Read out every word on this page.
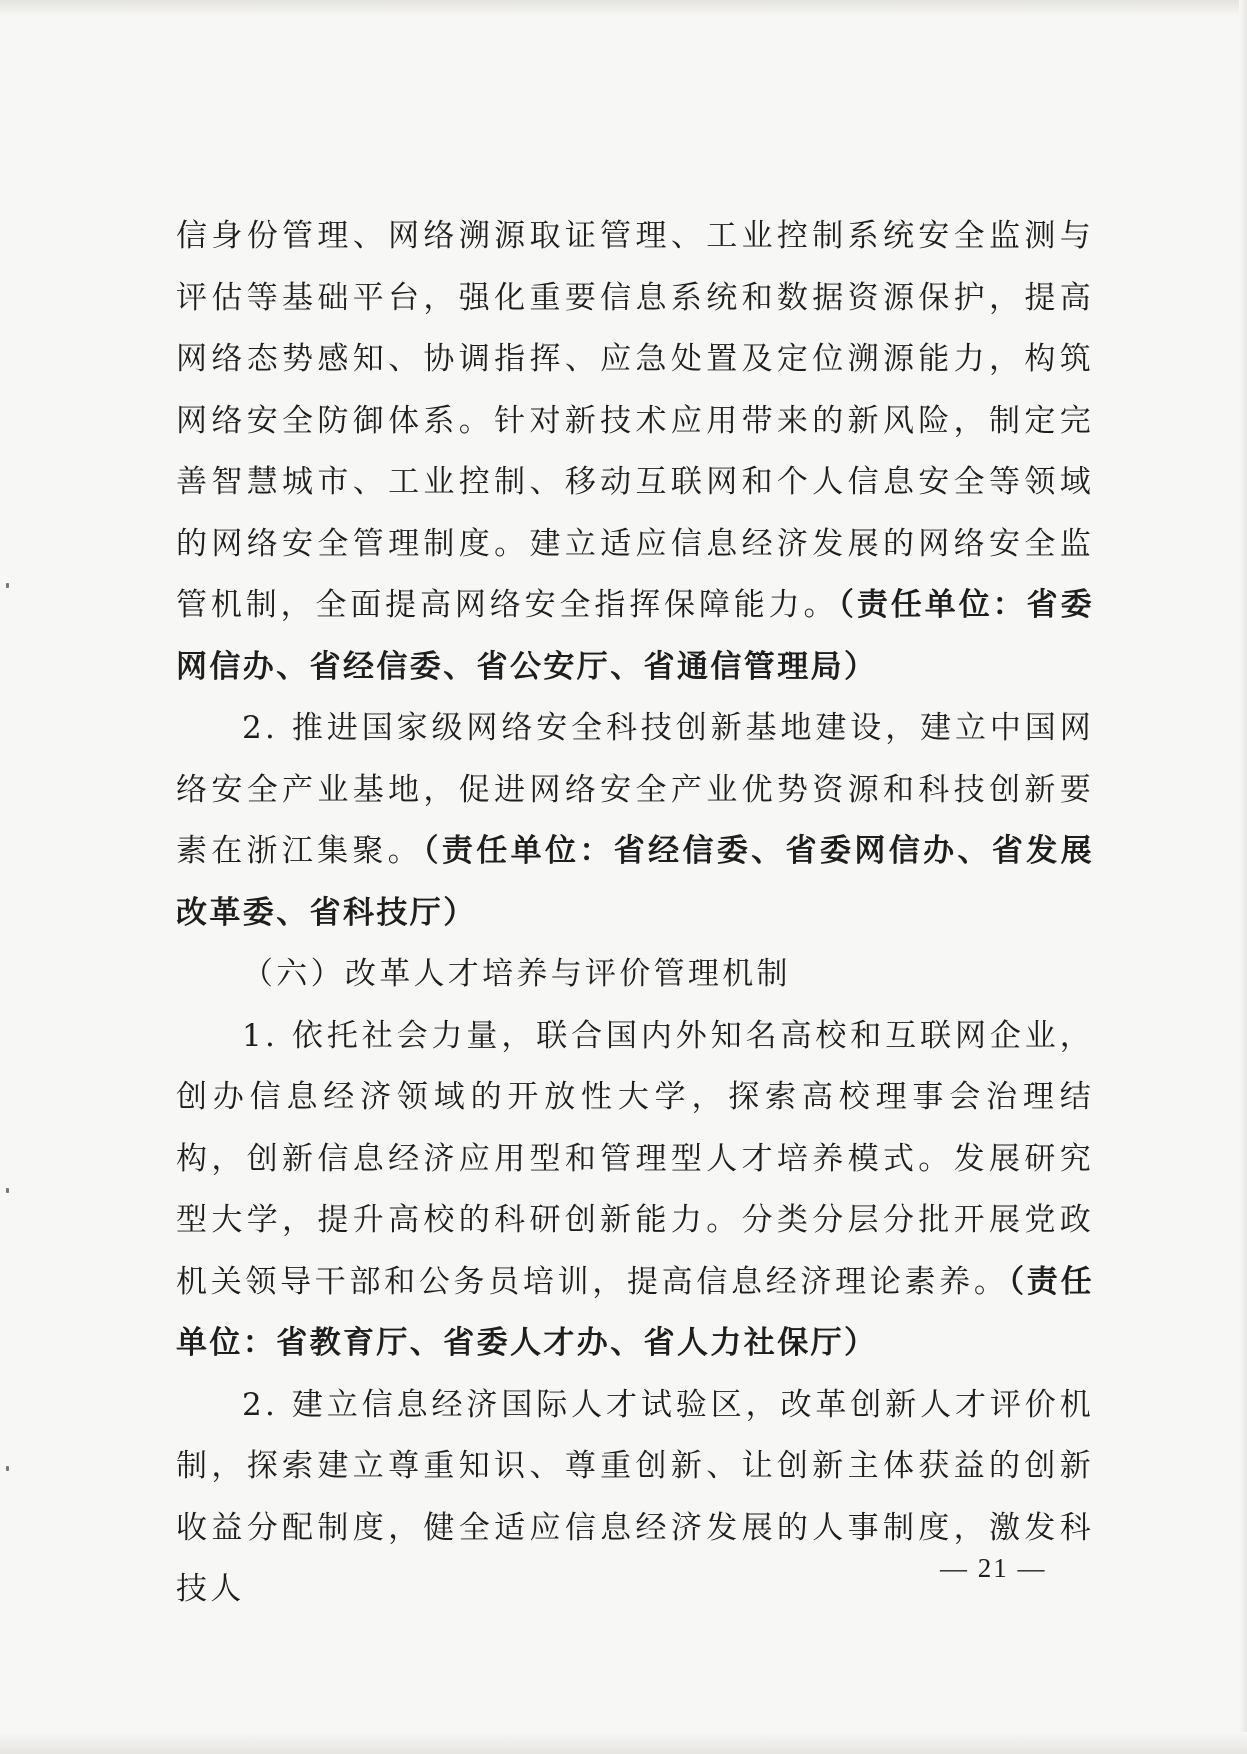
信身份管理、网络溯源取证管理、工业控制系统安全监测与评估等基础平台，强化重要信息系统和数据资源保护，提高网络态势感知、协调指挥、应急处置及定位溯源能力，构筑网络安全防御体系。针对新技术应用带来的新风险，制定完善智慧城市、工业控制、移动互联网和个人信息安全等领域的网络安全管理制度。建立适应信息经济发展的网络安全监管机制，全面提高网络安全指挥保障能力。（责任单位：省委网信办、省经信委、省公安厅、省通信管理局）

2. 推进国家级网络安全科技创新基地建设，建立中国网络安全产业基地，促进网络安全产业优势资源和科技创新要素在浙江集聚。（责任单位：省经信委、省委网信办、省发展改革委、省科技厅）

（六）改革人才培养与评价管理机制

1. 依托社会力量，联合国内外知名高校和互联网企业，创办信息经济领域的开放性大学，探索高校理事会治理结构，创新信息经济应用型和管理型人才培养模式。发展研究型大学，提升高校的科研创新能力。分类分层分批开展党政机关领导干部和公务员培训，提高信息经济理论素养。（责任单位：省教育厅、省委人才办、省人力社保厅）

2. 建立信息经济国际人才试验区，改革创新人才评价机制，探索建立尊重知识、尊重创新、让创新主体获益的创新收益分配制度，健全适应信息经济发展的人事制度，激发科技人

— 21 —
